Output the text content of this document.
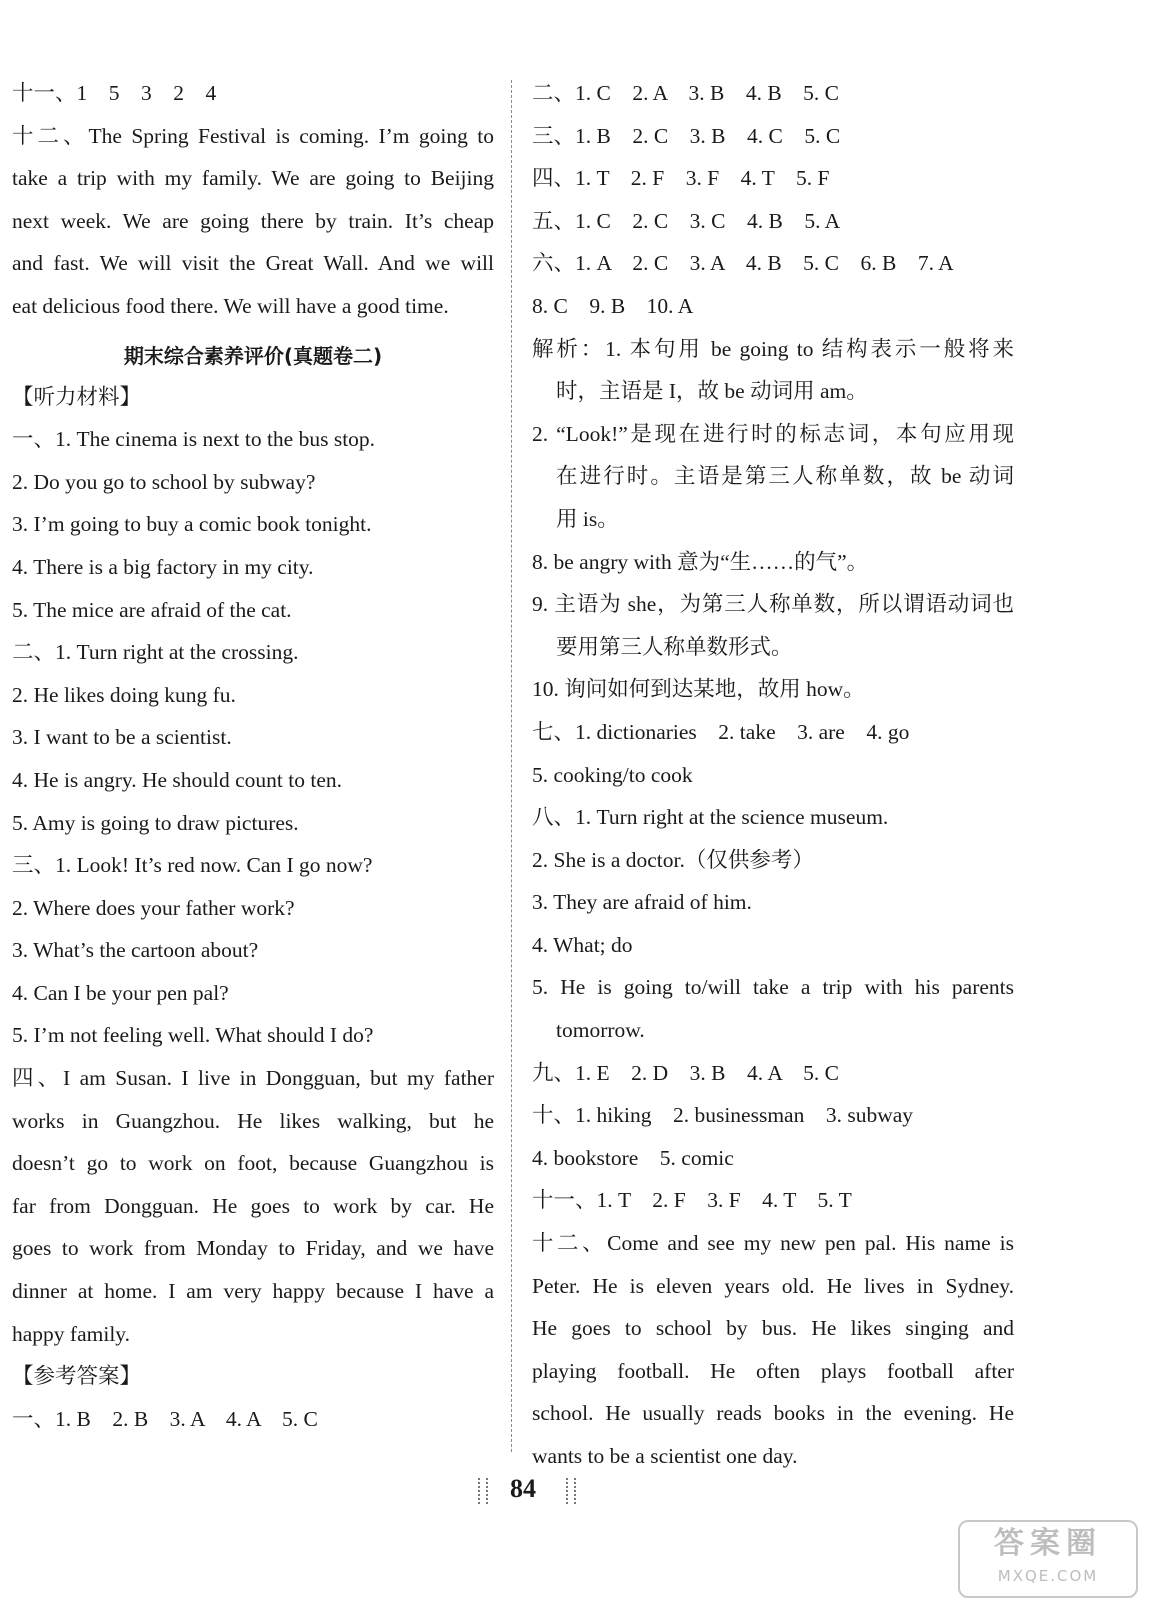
十一、1　5　3　2　4
十二、The Spring Festival is coming. I’m going to
take a trip with my family. We are going to Beijing
next week. We are going there by train. It’s cheap
and fast. We will visit the Great Wall. And we will
eat delicious food there. We will have a good time.
期末综合素养评价(真题卷二)
【听力材料】
一、1. The cinema is next to the bus stop.
2. Do you go to school by subway?
3. I’m going to buy a comic book tonight.
4. There is a big factory in my city.
5. The mice are afraid of the cat.
二、1. Turn right at the crossing.
2. He likes doing kung fu.
3. I want to be a scientist.
4. He is angry. He should count to ten.
5. Amy is going to draw pictures.
三、1. Look! It’s red now. Can I go now?
2. Where does your father work?
3. What’s the cartoon about?
4. Can I be your pen pal?
5. I’m not feeling well. What should I do?
四、I am Susan. I live in Dongguan, but my father
works in Guangzhou. He likes walking, but he
doesn’t go to work on foot, because Guangzhou is
far from Dongguan. He goes to work by car. He
goes to work from Monday to Friday, and we have
dinner at home. I am very happy because I have a
happy family.
【参考答案】
一、1. B　2. B　3. A　4. A　5. C
二、1. C　2. A　3. B　4. B　5. C
三、1. B　2. C　3. B　4. C　5. C
四、1. T　2. F　3. F　4. T　5. F
五、1. C　2. C　3. C　4. B　5. A
六、1. A　2. C　3. A　4. B　5. C　6. B　7. A
8. C　9. B　10. A
解析：1. 本句用 be going to 结构表示一般将来
时，主语是 I，故 be 动词用 am。
2. “Look!”是现在进行时的标志词，本句应用现
在进行时。主语是第三人称单数，故 be 动词
用 is。
8. be angry with 意为“生……的气”。
9. 主语为 she，为第三人称单数，所以谓语动词也
要用第三人称单数形式。
10. 询问如何到达某地，故用 how。
七、1. dictionaries　2. take　3. are　4. go
5. cooking/to cook
八、1. Turn right at the science museum.
2. She is a doctor.（仅供参考）
3. They are afraid of him.
4. What; do
5. He is going to/will take a trip with his parents
tomorrow.
九、1. E　2. D　3. B　4. A　5. C
十、1. hiking　2. businessman　3. subway
4. bookstore　5. comic
十一、1. T　2. F　3. F　4. T　5. T
十二、Come and see my new pen pal. His name is
Peter. He is eleven years old. He lives in Sydney.
He goes to school by bus. He likes singing and
playing football. He often plays football after
school. He usually reads books in the evening. He
wants to be a scientist one day.
84
答案圈
MXQE.COM
